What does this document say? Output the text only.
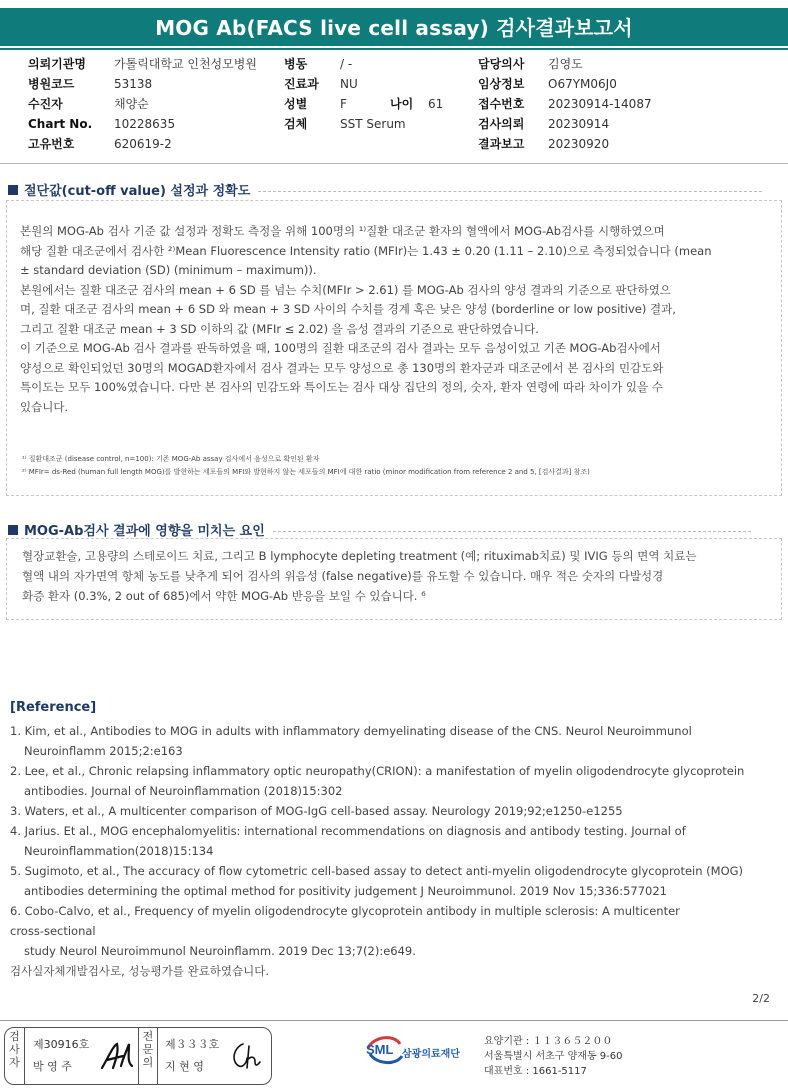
MOG Ab(FACS live cell assay) 검사결과보고서
의뢰기관명 가톨릭대학교 인천성모병원
병원코드	53138
수진자	채양순
Chart No. 10228635
고유번호	620619-2
병동	/ -
진료과 NU
성별	F	나이 61
검체	SST Serum
담당의사 김영도
임상정보 O67YM06J0
접수번호 20230914-14087
검사의뢰 20230914
결과보고 20230920
절단값(cut-off value) 설정과 정확도

본원의 MOG-Ab 검사 기준 값 설정과 정확도 측정을 위해 100명의 ¹⁾질환 대조군 환자의 혈액에서 MOG-Ab검사를 시행하였으며

해당 질환 대조군에서 검사한 ²⁾Mean Fluorescence Intensity ratio (MFIr)는 1.43 ± 0.20 (1.11 – 2.10)으로 측정되었습니다 (mean

± standard deviation (SD) (minimum – maximum)).

본원에서는 질환 대조군 검사의 mean + 6 SD 를 넘는 수치(MFIr > 2.61) 를 MOG-Ab 검사의 양성 결과의 기준으로 판단하였으

며, 질환 대조군 검사의 mean + 6 SD 와 mean + 3 SD 사이의 수치를 경계 혹은 낮은 양성 (borderline or low positive) 결과,

그리고 질환 대조군 mean + 3 SD 이하의 값 (MFIr ≤ 2.02) 을 음성 결과의 기준으로 판단하였습니다.

이 기준으로 MOG-Ab 검사 결과를 판독하였을 때, 100명의 질환 대조군의 검사 결과는 모두 음성이었고 기존 MOG-Ab검사에서

양성으로 확인되었던 30명의 MOGAD환자에서 검사 결과는 모두 양성으로 총 130명의 환자군과 대조군에서 본 검사의 민감도와

특이도는 모두 100%였습니다. 다만 본 검사의 민감도와 특이도는 검사 대상 집단의 정의, 숫자, 환자 연령에 따라 차이가 있을 수

있습니다.

¹⁾ 질환대조군 (disease control, n=100): 기존 MOG-Ab assay 검사에서 음성으로 확인된 환자
²⁾ MFIr= ds-Red (human full length MOG)를 발현하는 세포들의 MFI와 발현하지 않는 세포들의 MFI에 대한 ratio (minor modification from reference 2 and 5, [검사결과] 참조)
MOG-Ab검사 결과에 영향을 미치는 요인

혈장교환술, 고용량의 스테로이드 치료, 그리고 B lymphocyte depleting treatment (예; rituximab치료) 및 IVIG 등의 면역 치료는

혈액 내의 자가면역 항체 농도를 낮추게 되어 검사의 위음성 (false negative)를 유도할 수 있습니다. 매우 적은 숫자의 다발성경

화증 환자 (0.3%, 2 out of 685)에서 약한 MOG-Ab 반응을 보일 수 있습니다. ⁶

[Reference]
1. Kim, et al., Antibodies to MOG in adults with inflammatory demyelinating disease of the CNS. Neurol Neuroimmunol
Neuroinflamm 2015;2:e163
2. Lee, et al., Chronic relapsing inflammatory optic neuropathy(CRION): a manifestation of myelin oligodendrocyte glycoprotein
antibodies. Journal of Neuroinflammation (2018)15:302
3. Waters, et al., A multicenter comparison of MOG-IgG cell-based assay. Neurology 2019;92;e1250-e1255
4. Jarius. Et al., MOG encephalomyelitis: international recommendations on diagnosis and antibody testing. Journal of
Neuroinflammation(2018)15:134
5. Sugimoto, et al., The accuracy of flow cytometric cell-based assay to detect anti-myelin oligodendrocyte glycoprotein (MOG)
antibodies determining the optimal method for positivity judgement J Neuroimmunol. 2019 Nov 15;336:577021
6. Cobo-Calvo, et al., Frequency of myelin oligodendrocyte glycoprotein antibody in multiple sclerosis: A multicenter
cross-sectional
study Neurol Neuroimmunol Neuroinflamm. 2019 Dec 13;7(2):e649.
검사실자체개발검사로, 성능평가를 완료하였습니다.
2/2
검사자
제30916호
박 영 주
전문의
제３３３호
지 현 영
SML 삼광의료재단
요양기관 : １１３６５２００
서울특별시 서초구 양재동 9-60
대표번호 : 1661-5117
